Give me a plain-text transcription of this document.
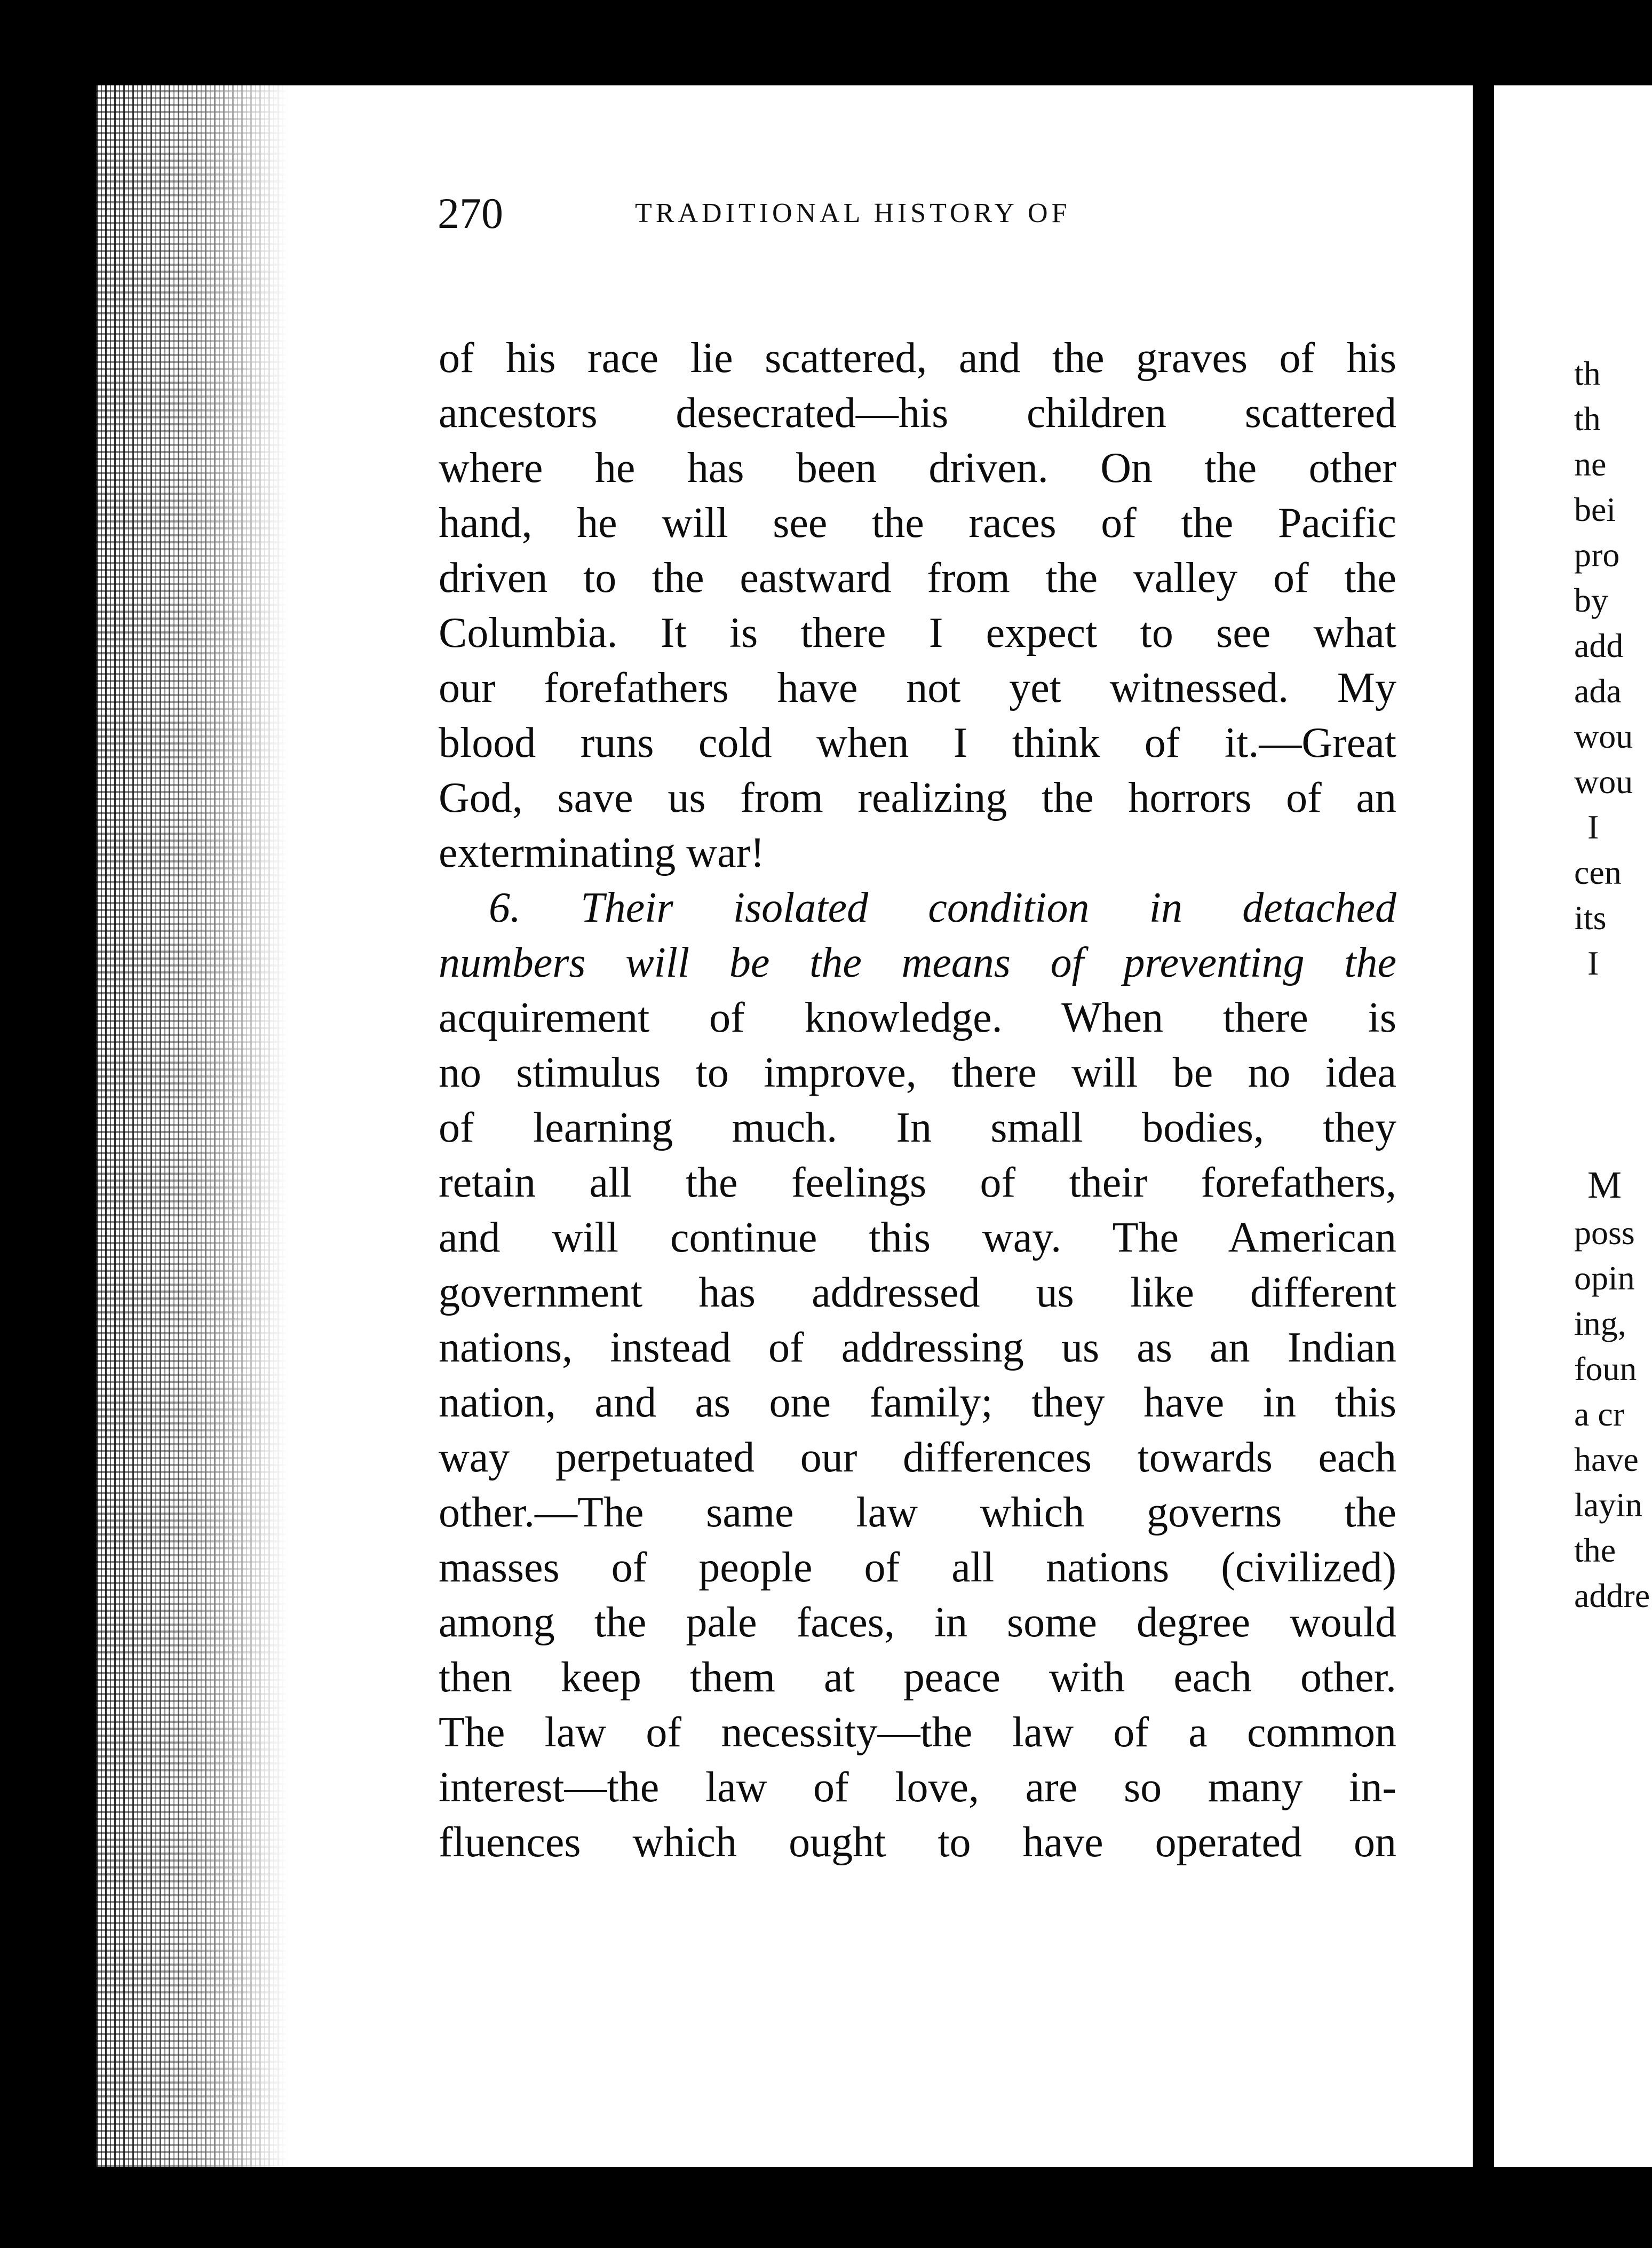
270	TRADITIONAL HISTORY OF
of his race lie scattered, and the graves of his
ancestors desecrated—his children scattered
where he has been driven. On the other
hand, he will see the races of the Pacific
driven to the eastward from the valley of the
Columbia. It is there I expect to see what
our forefathers have not yet witnessed. My
blood runs cold when I think of it.—Great
God, save us from realizing the horrors of an
exterminating war!
6. Their isolated condition in detached
numbers will be the means of preventing the
acquirement of knowledge. When there is
no stimulus to improve, there will be no idea
of learning much. In small bodies, they
retain all the feelings of their forefathers,
and will continue this way. The American
government has addressed us like different
nations, instead of addressing us as an Indian
nation, and as one family; they have in this
way perpetuated our differences towards each
other.—The same law which governs the
masses of people of all nations (civilized)
among the pale faces, in some degree would
then keep them at peace with each other.
The law of necessity—the law of a common
interest—the law of love, are so many in-
fluences which ought to have operated on
th
th
ne
bei
pro
by
add
ada
wou
wou
I
cen
its
I
M
poss
opin
ing,
foun
a cr
have
layin
the
addre
